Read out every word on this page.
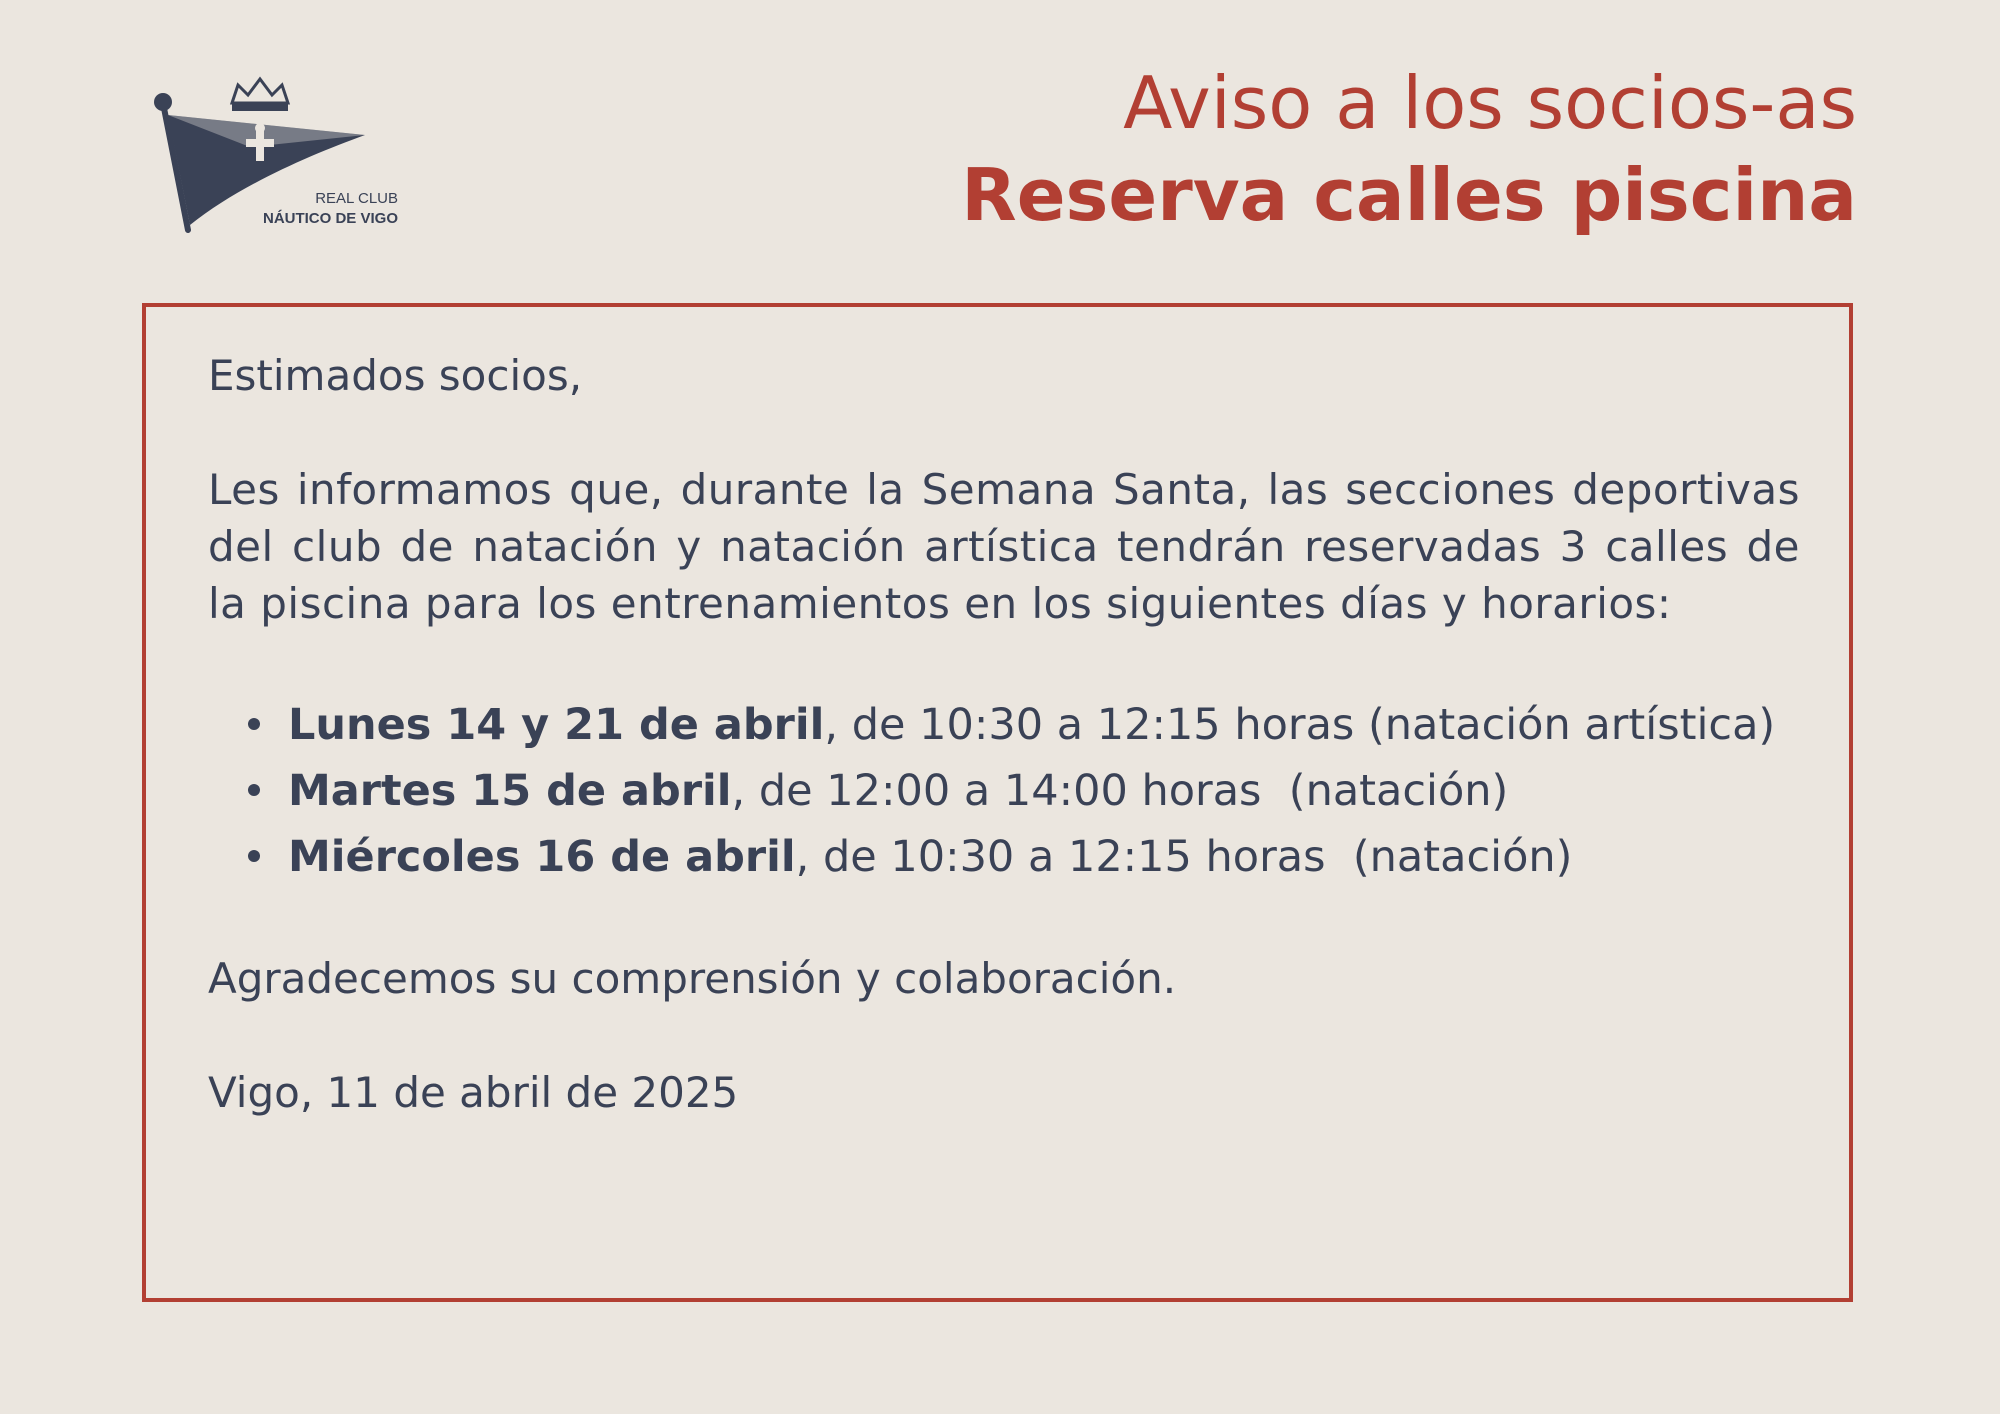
REAL CLUB
NÁUTICO DE VIGO
Aviso a los socios-as
Reserva calles piscina

Estimados socios,

Les informamos que, durante la Semana Santa, las secciones deportivas del club de natación y natación artística tendrán reservadas 3 calles de la piscina para los entrenamientos en los siguientes días y horarios:

Lunes 14 y 21 de abril, de 10:30 a 12:15 horas (natación artística)
Martes 15 de abril, de 12:00 a 14:00 horas  (natación)
Miércoles 16 de abril, de 10:30 a 12:15 horas  (natación)

Agradecemos su comprensión y colaboración.

Vigo, 11 de abril de 2025
